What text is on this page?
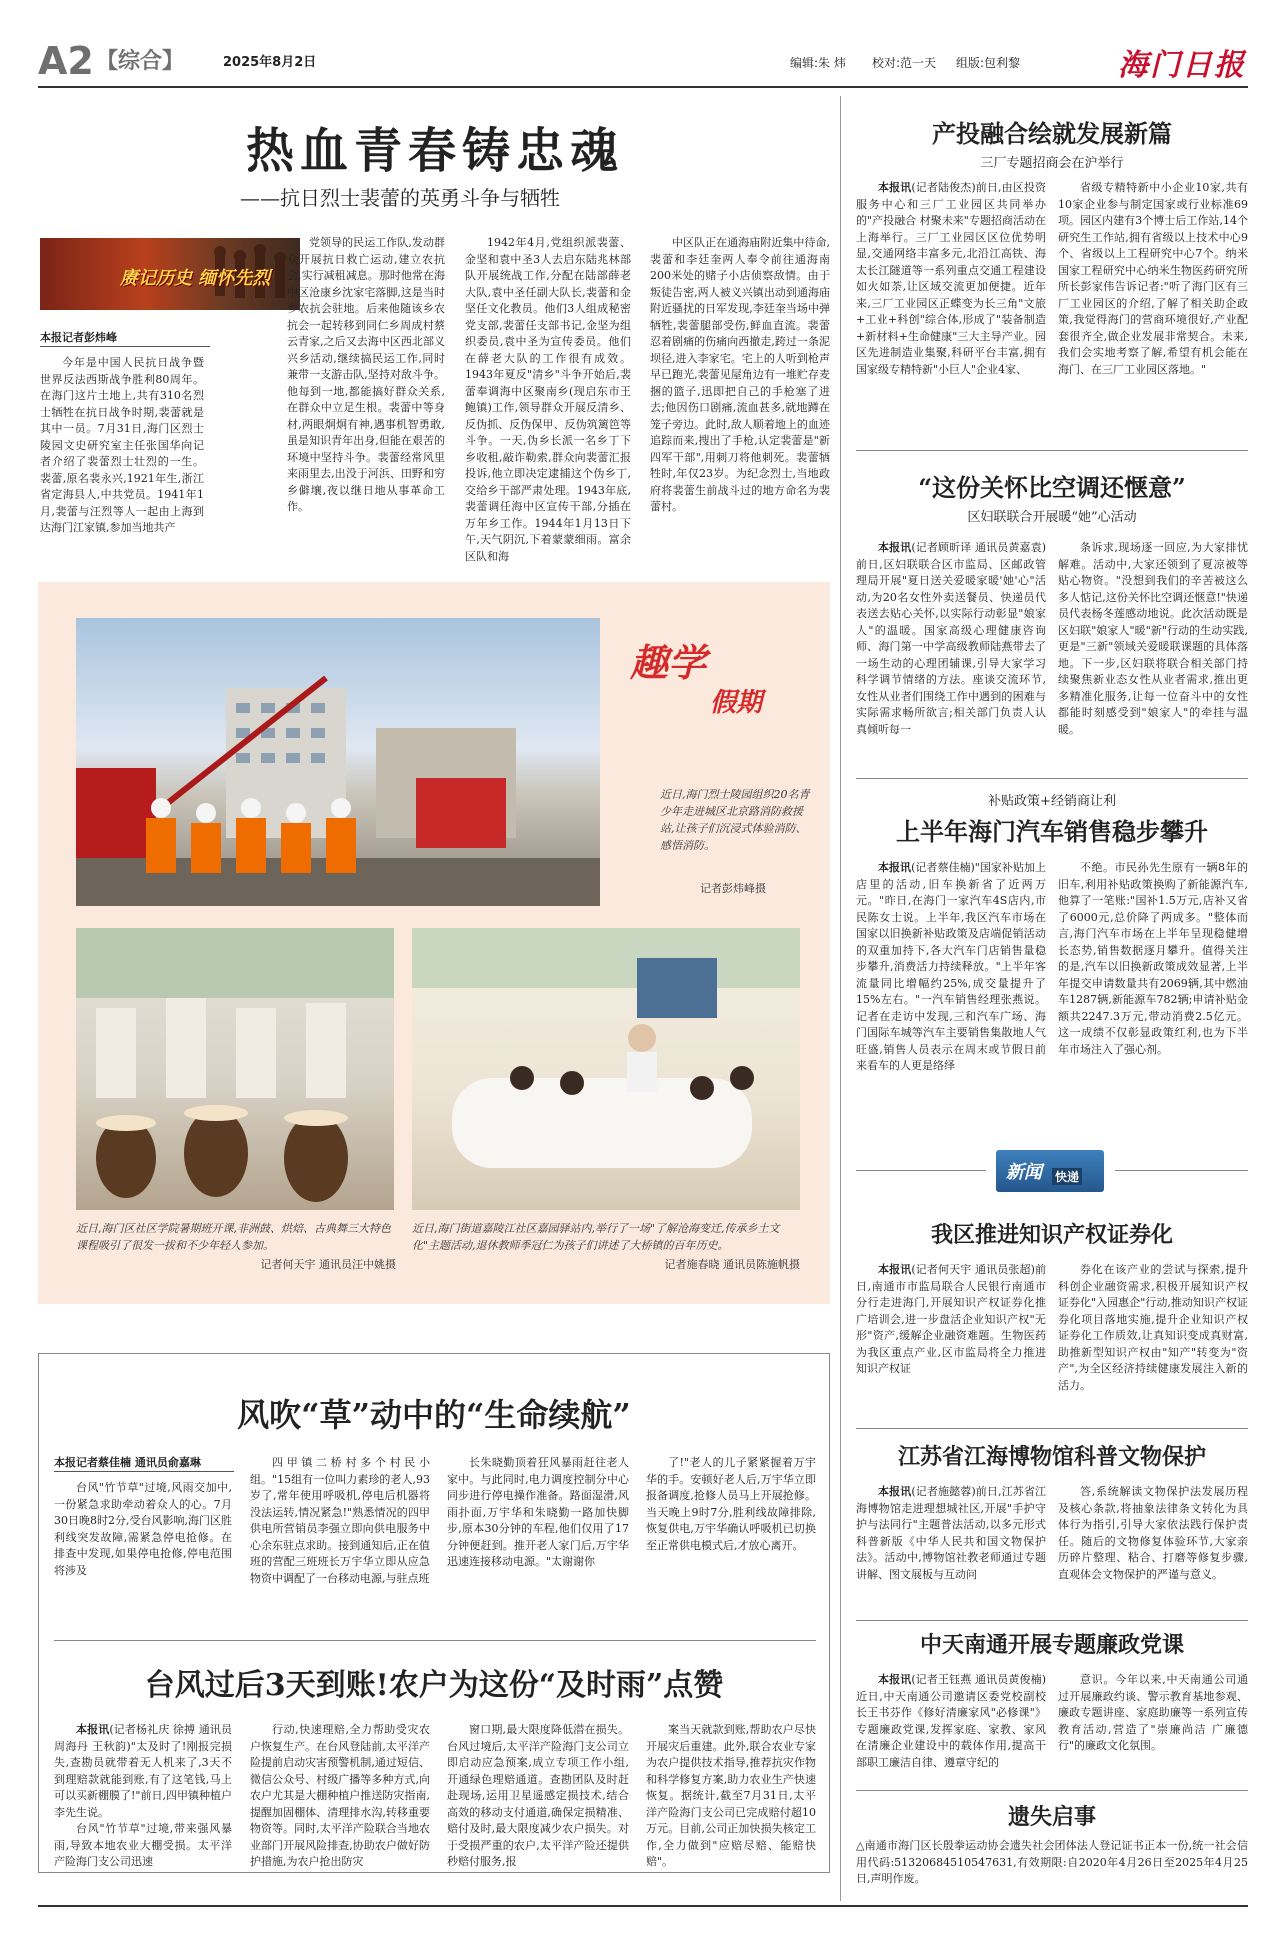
A2 【综合】	2025年8月2日	编辑:朱 炜 校对:范一天 组版:包利黎	海门日报
热血青春铸忠魂
——抗日烈士裴蕾的英勇斗争与牺牲
赓记历史 缅怀先烈
本报记者彭炜峰

今年是中国人民抗日战争暨世界反法西斯战争胜利80周年。在海门这片土地上,共有310名烈士牺牲在抗日战争时期,裴蕾就是其中一员。7月31日,海门区烈士陵园文史研究室主任张国华向记者介绍了裴蕾烈士壮烈的一生。裴蕾,原名裴永兴,1921年生,浙江省定海县人,中共党员。1941年1月,裴蕾与汪烈等人一起由上海到达海门江家镇,参加当地共产

党领导的民运工作队,发动群众开展抗日救亡运动,建立农抗会,实行减租减息。那时他常在海中区沧康乡沈家宅落脚,这是当时乡农抗会驻地。后来他随该乡农抗会一起转移到同仁乡周成村蔡云青家,之后又去海中区西北部义兴乡活动,继续搞民运工作,同时兼带一支游击队,坚持对敌斗争。他每到一地,都能搞好群众关系,在群众中立足生根。裴蕾中等身材,两眼炯炯有神,遇事机智勇敢,虽是知识青年出身,但能在艰苦的环境中坚持斗争。裴蕾经常风里来雨里去,出没于河浜、田野和穷乡僻壤,夜以继日地从事革命工作。

1942年4月,党组织派裴蕾、金坚和袁中圣3人去启东陆兆林部队开展统战工作,分配在陆部薛老大队,袁中圣任副大队长,裴蕾和金坚任文化教员。他们3人组成秘密党支部,裴蕾任支部书记,金坚为组织委员,袁中圣为宣传委员。他们在薛老大队的工作很有成效。1943年夏反"清乡"斗争开始后,裴蕾奉调海中区聚南乡(现启东市王鲍镇)工作,领导群众开展反清乡、反伪抓、反伪保甲、反伪筑篱笆等斗争。一天,伪乡长派一名乡丁下乡收租,敲诈勒索,群众向裴蕾汇报投诉,他立即决定逮捕这个伪乡丁,交给乡干部严肃处理。1943年底,裴蕾调任海中区宣传干部,分插在万年乡工作。1944年1月13日下午,天气阴沉,下着蒙蒙细雨。富余区队和海

中区队正在通海庙附近集中待命,裴蕾和李廷奎两人奉令前往通海南200米处的赌子小店侦察敌情。由于叛徒告密,两人被义兴镇出动到通海庙附近骚扰的日军发现,李廷奎当场中弹牺牲,裴蕾腿部受伤,鲜血直流。裴蕾忍着剧痛的伤痛向西撤走,跨过一条泥坝径,进入李家宅。宅上的人听到枪声早已跑光,裴蕾见屋角边有一堆贮存麦捆的篮子,迅即把自己的手枪塞了进去;他因伤口剧痛,流血甚多,就地蹲在笼子旁边。此时,敌人顺着地上的血迹追踪而来,搜出了手枪,认定裴蕾是"新四军干部",用刺刀将他刺死。裴蕾牺牲时,年仅23岁。为纪念烈士,当地政府将裴蕾生前战斗过的地方命名为裴蕾村。

趣学
假期
近日,海门烈士陵园组织20名青少年走进城区北京路消防救援站,让孩子们沉浸式体验消防、感悟消防。
记者彭炜峰摄
近日,海门区社区学院暑期班开课,非洲鼓、烘焙、古典舞三大特色课程吸引了很发一拔和不少年轻人参加。
记者何天宇 通讯员汪中姚摄
近日,海门街道嘉陵江社区嘉园驿站内,举行了一场"了解沧海变迁,传承乡土文化"主题活动,退休教师季冠仁为孩子们讲述了大桥镇的百年历史。
记者施春晓 通讯员陈施帆摄
风吹“草”动中的“生命续航”
本报记者蔡佳楠 通讯员俞嘉琳

台风"竹节草"过境,风雨交加中,一份紧急求助牵动着众人的心。7月30日晚8时2分,受台风影响,海门区胜利线突发故障,需紧急停电抢修。在排查中发现,如果停电抢修,停电范围将涉及

四甲镇二桥村多个村民小组。"15组有一位叫力素珍的老人,93岁了,常年使用呼吸机,停电后机器将没法运转,情况紧急!"熟悉情况的四甲供电所营销员李强立即向供电服务中心余东驻点求助。接到通知后,正在值班的营配三班班长万宇华立即从应急物资中调配了一台移动电源,与驻点班

长朱晓勤顶着狂风暴雨赶往老人家中。与此同时,电力调度控制分中心同步进行停电操作准备。路面湿滑,风雨扑面,万宇华和朱晓勤一路加快脚步,原本30分钟的车程,他们仅用了17分钟便赶到。推开老人家门后,万宇华迅速连接移动电源。"太谢谢你

了!"老人的儿子紧紧握着万宇华的手。安顿好老人后,万宇华立即报备调度,抢修人员马上开展抢修。当天晚上9时7分,胜利线故障排除,恢复供电,万宇华确认呼吸机已切换至正常供电模式后,才放心离开。

台风过后3天到账!农户为这份“及时雨”点赞

本报讯(记者杨礼庆 徐搏 通讯员周海丹 王秋韵)"太及时了!刚报完损失,查勘员就带着无人机来了,3天不到理赔款就能到账,有了这笔钱,马上可以买新棚膜了!"前日,四甲镇种植户李先生说。

台风"竹节草"过境,带来强风暴雨,导致本地农业大棚受损。太平洋产险海门支公司迅速

行动,快速理赔,全力帮助受灾农户恢复生产。在台风登陆前,太平洋产险提前启动灾害预警机制,通过短信、微信公众号、村级广播等多种方式,向农户尤其是大棚种植户推送防灾指南,提醒加固棚体、清理排水沟,转移重要物资等。同时,太平洋产险联合当地农业部门开展风险排查,协助农户做好防护措施,为农户抢出防灾

窗口期,最大限度降低潜在损失。台风过境后,太平洋产险海门支公司立即启动应急预案,成立专项工作小组,开通绿色理赔通道。查勘团队及时赶赴现场,运用卫星遥感定损技术,结合高效的移动支付通道,确保定损精准、赔付及时,最大限度减少农户损失。对于受损严重的农户,太平洋产险还提供秒赔付服务,报

案当天就款到账,帮助农户尽快开展灾后重建。此外,联合农业专家为农户提供技术指导,推荐抗灾作物和科学修复方案,助力农业生产快速恢复。据统计,截至7月31日,太平洋产险海门支公司已完成赔付超10万元。目前,公司正加快损失核定工作,全力做到"应赔尽赔、能赔快赔"。

产投融合绘就发展新篇
三厂专题招商会在沪举行

本报讯(记者陆俊杰)前日,由区投资服务中心和三厂工业园区共同举办的"产投融合 材聚未来"专题招商活动在上海举行。三厂工业园区区位优势明显,交通网络丰富多元,北沿江高铁、海太长江隧道等一系列重点交通工程建设如火如荼,让区域交流更加便捷。近年来,三厂工业园区正蝶变为长三角"文旅+工业+科创"综合体,形成了"装备制造+新材料+生命健康"三大主导产业。园区先进制造业集聚,科研平台丰富,拥有国家级专精特新"小巨人"企业4家、

省级专精特新中小企业10家,共有10家企业参与制定国家或行业标准69项。园区内建有3个博士后工作站,14个研究生工作站,拥有省级以上技术中心9个、省级以上工程研究中心7个。纳米国家工程研究中心纳米生物医药研究所所长彭家伟告诉记者:"听了海门区有三厂工业园区的介绍,了解了相关助企政策,我觉得海门的营商环境很好,产业配套很齐全,做企业发展非常契合。未来,我们会实地考察了解,希望有机会能在海门、在三厂工业园区落地。"

“这份关怀比空调还惬意”
区妇联联合开展暖“她”心活动

本报讯(记者顾昕译 通讯员黄嘉袁)前日,区妇联联合区市监局、区邮政管理局开展"夏日送关爱暖家暖'她'心"活动,为20名女性外卖送餐员、快递员代表送去贴心关怀,以实际行动彰显"娘家人"的温暖。国家高级心理健康咨询师、海门第一中学高级教师陆燕带去了一场生动的心理团辅课,引导大家学习科学调节情绪的方法。座谈交流环节,女性从业者们围绕工作中遇到的困难与实际需求畅所欲言;相关部门负责人认真倾听每一

条诉求,现场逐一回应,为大家排忧解难。活动中,大家还领到了夏凉被等贴心物资。"没想到我们的辛苦被这么多人惦记,这份关怀比空调还惬意!"快递员代表杨冬莲感动地说。此次活动既是区妇联"娘家人"暖"新"行动的生动实践,更是"三新"领域关爱暖联课题的具体落地。下一步,区妇联将联合相关部门持续聚焦新业态女性从业者需求,推出更多精准化服务,让每一位奋斗中的女性都能时刻感受到"娘家人"的牵挂与温暖。

补贴政策+经销商让利
上半年海门汽车销售稳步攀升

本报讯(记者蔡佳楠)"国家补贴加上店里的活动,旧车换新省了近两万元。"昨日,在海门一家汽车4S店内,市民陈女士说。上半年,我区汽车市场在国家以旧换新补贴政策及店端促销活动的双重加持下,各大汽车门店销售量稳步攀升,消费活力持续释放。"上半年客流量同比增幅约25%,成交量提升了15%左右。"一汽车销售经理张燕说。记者在走访中发现,三和汽车广场、海门国际车城等汽车主要销售集散地人气旺盛,销售人员表示在周末或节假日前来看车的人更是络绎

不绝。市民孙先生原有一辆8年的旧车,利用补贴政策换购了新能源汽车,他算了一笔账:"国补1.5万元,店补又省了6000元,总价降了两成多。"整体而言,海门汽车市场在上半年呈现稳健增长态势,销售数据逐月攀升。值得关注的是,汽车以旧换新政策成效显著,上半年提交申请数量共有2069辆,其中燃油车1287辆,新能源车782辆;申请补贴金额共2247.3万元,带动消费2.5亿元。这一成绩不仅彰显政策红利,也为下半年市场注入了强心剂。

新闻 快递
我区推进知识产权证券化

本报讯(记者何天宇 通讯员张超)前日,南通市市监局联合人民银行南通市分行走进海门,开展知识产权证券化推广培训会,进一步盘活企业知识产权"无形"资产,缓解企业融资难题。生物医药为我区重点产业,区市监局将全力推进知识产权证

券化在该产业的尝试与探索,提升科创企业融资需求,积极开展知识产权证券化"入园惠企"行动,推动知识产权证券化项目落地实施,提升企业知识产权证券化工作质效,让真知识变成真财富,助推新型知识产权由"知产"转变为"资产",为全区经济持续健康发展注入新的活力。

江苏省江海博物馆科普文物保护

本报讯(记者施懿蓉)前日,江苏省江海博物馆走进理想城社区,开展"手护守护与法同行"主题普法活动,以多元形式科普新版《中华人民共和国文物保护法》。活动中,博物馆社教老师通过专题讲解、图文展板与互动问

答,系统解读文物保护法发展历程及核心条款,将抽象法律条文转化为具体行为指引,引导大家依法践行保护责任。随后的文物修复体验环节,大家亲历碎片整理、粘合、打磨等修复步骤,直观体会文物保护的严谨与意义。

中天南通开展专题廉政党课

本报讯(记者王钰燕 通讯员黄俊楠)近日,中天南通公司邀请区委党校副校长王书芬作《修好清廉家风"必修课"》专题廉政党课,发挥家庭、家教、家风在清廉企业建设中的载体作用,提高干部职工廉洁自律、遵章守纪的

意识。今年以来,中天南通公司通过开展廉政约谈、警示教育基地参观、廉政专题讲座、家庭助廉等一系列宣传教育活动,营造了"崇廉尚洁 广廉德行"的廉政文化氛围。

遗失启事
△南通市海门区长殷拳运动协会遗失社会团体法人登记证书正本一份,统一社会信用代码:51320684510547631,有效期限:自2020年4月26日至2025年4月25日,声明作废。
